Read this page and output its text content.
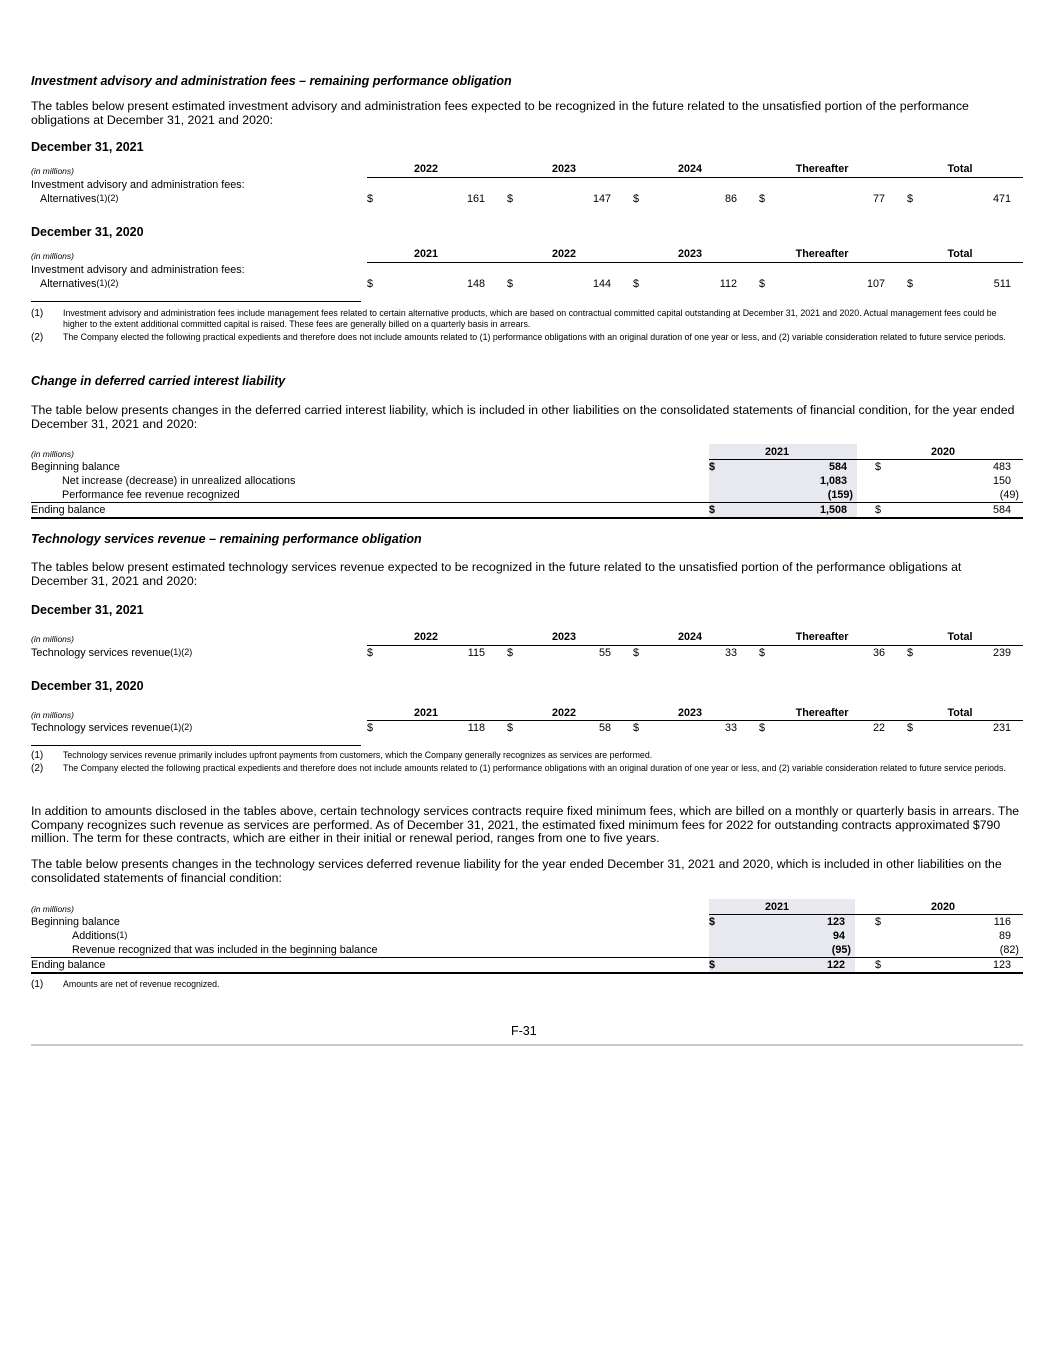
Investment advisory and administration fees – remaining performance obligation
The tables below present estimated investment advisory and administration fees expected to be recognized in the future related to the unsatisfied portion of the performance obligations at December 31, 2021 and 2020:
December 31, 2021
(in millions)	2022	2023	2024	Thereafter	Total
Investment advisory and administration fees:
Alternatives(1)(2)	$	161 $	147 $	86 $	77 $	471
December 31, 2020
(in millions)	2021	2022	2023	Thereafter	Total
Investment advisory and administration fees:
Alternatives(1)(2)	$	148 $	144 $	112 $	107 $	511
(1) Investment advisory and administration fees include management fees related to certain alternative products, which are based on contractual committed capital outstanding at December 31, 2021 and 2020. Actual management fees could be higher to the extent additional committed capital is raised. These fees are generally billed on a quarterly basis in arrears.
(2) The Company elected the following practical expedients and therefore does not include amounts related to (1) performance obligations with an original duration of one year or less, and (2) variable consideration related to future service periods.
Change in deferred carried interest liability
The table below presents changes in the deferred carried interest liability, which is included in other liabilities on the consolidated statements of financial condition, for the year ended December 31, 2021 and 2020:
(in millions)	2021	2020
Beginning balance	$	584	$	483
Net increase (decrease) in unrealized allocations	1,083	150
Performance fee revenue recognized	(159)	(49)
Ending balance	$	1,508	$	584
Technology services revenue – remaining performance obligation
The tables below present estimated technology services revenue expected to be recognized in the future related to the unsatisfied portion of the performance obligations at December 31, 2021 and 2020:
December 31, 2021
(in millions)	2022	2023	2024	Thereafter	Total
Technology services revenue(1)(2)	$	115 $	55 $	33 $	36 $	239
December 31, 2020
(in millions)	2021	2022	2023	Thereafter	Total
Technology services revenue(1)(2)	$	118 $	58 $	33 $	22 $	231
(1) Technology services revenue primarily includes upfront payments from customers, which the Company generally recognizes as services are performed.
(2) The Company elected the following practical expedients and therefore does not include amounts related to (1) performance obligations with an original duration of one year or less, and (2) variable consideration related to future service periods.
In addition to amounts disclosed in the tables above, certain technology services contracts require fixed minimum fees, which are billed on a monthly or quarterly basis in arrears. The Company recognizes such revenue as services are performed. As of December 31, 2021, the estimated fixed minimum fees for 2022 for outstanding contracts approximated $790 million. The term for these contracts, which are either in their initial or renewal period, ranges from one to five years.
The table below presents changes in the technology services deferred revenue liability for the year ended December 31, 2021 and 2020, which is included in other liabilities on the consolidated statements of financial condition:
(in millions)	2021	2020
Beginning balance	$	123	$	116
Additions(1)	94	89
Revenue recognized that was included in the beginning balance	(95)	(82)
Ending balance	$	122	$	123
(1) Amounts are net of revenue recognized.
F-31
